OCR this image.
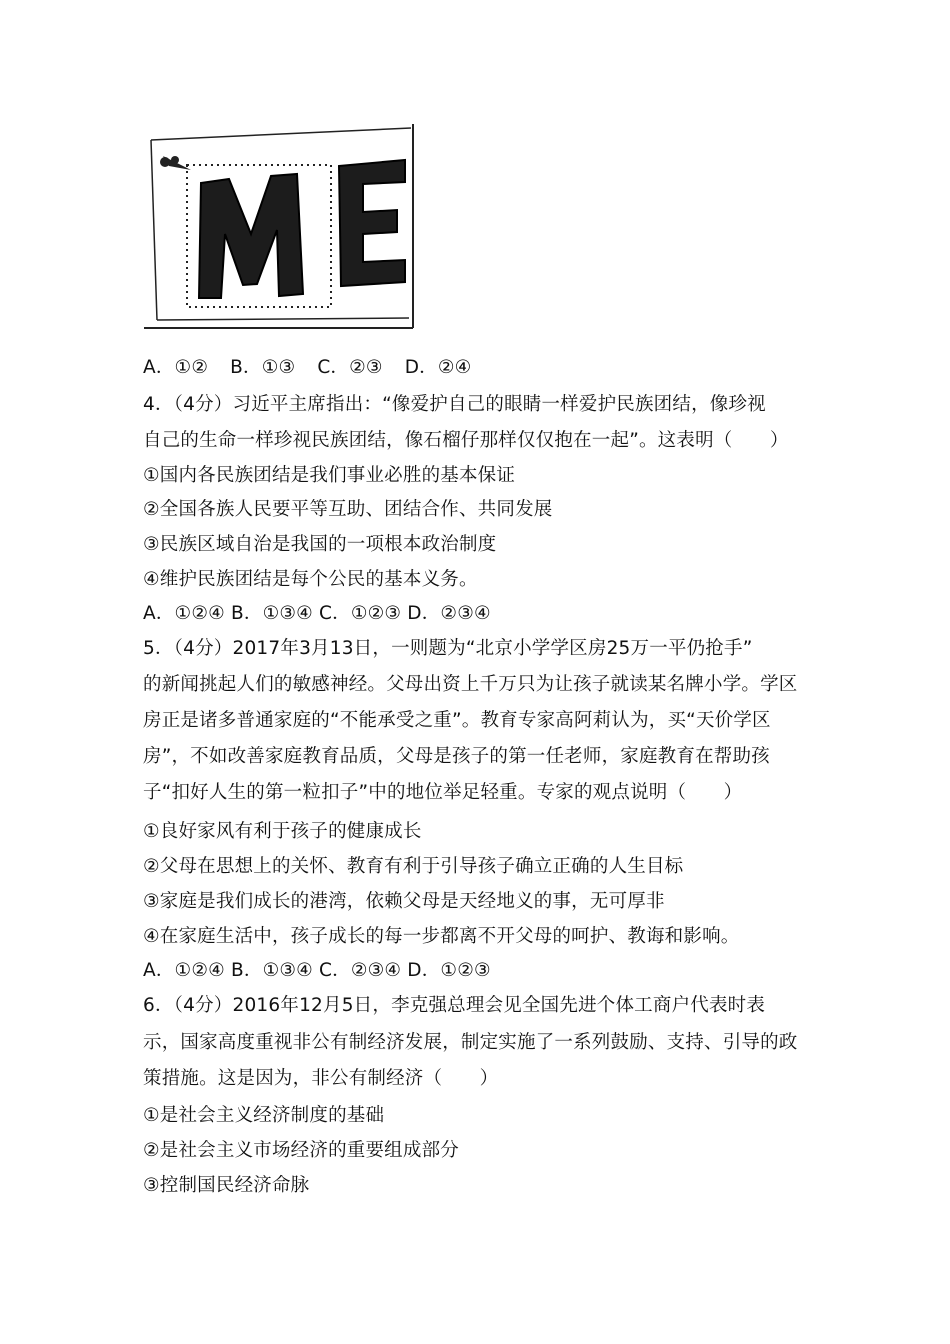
A．①② B．①③ C．②③ D．②④
4．（4分）习近平主席指出：“像爱护自己的眼睛一样爱护民族团结，像珍视
自己的生命一样珍视民族团结，像石榴仔那样仅仅抱在一起”。这表明（　　）
①国内各民族团结是我们事业必胜的基本保证
②全国各族人民要平等互助、团结合作、共同发展
③民族区域自治是我国的一项根本政治制度
④维护民族团结是每个公民的基本义务。
A．①②④ B．①③④ C．①②③ D．②③④
5．（4分）2017年3月13日，一则题为“北京小学学区房25万一平仍抢手”
的新闻挑起人们的敏感神经。父母出资上千万只为让孩子就读某名牌小学。学区
房正是诸多普通家庭的“不能承受之重”。教育专家高阿莉认为，买“天价学区
房”，不如改善家庭教育品质，父母是孩子的第一任老师，家庭教育在帮助孩
子“扣好人生的第一粒扣子”中的地位举足轻重。专家的观点说明（　　）
①良好家风有利于孩子的健康成长
②父母在思想上的关怀、教育有利于引导孩子确立正确的人生目标
③家庭是我们成长的港湾，依赖父母是天经地义的事，无可厚非
④在家庭生活中，孩子成长的每一步都离不开父母的呵护、教诲和影响。
A．①②④ B．①③④ C．②③④ D．①②③
6．（4分）2016年12月5日，李克强总理会见全国先进个体工商户代表时表
示，国家高度重视非公有制经济发展，制定实施了一系列鼓励、支持、引导的政
策措施。这是因为，非公有制经济（　　）
①是社会主义经济制度的基础
②是社会主义市场经济的重要组成部分
③控制国民经济命脉
